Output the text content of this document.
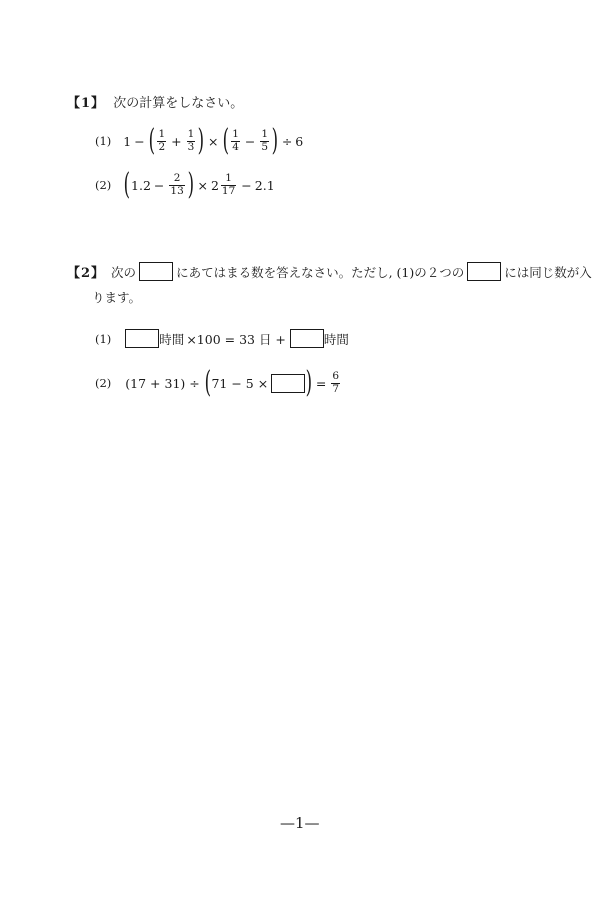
【1】 次の計算をしなさい。
(1) 1 − ( $\frac{1}{2} + \frac{1}{3}$ ) × ( $\frac{1}{4} - \frac{1}{5}$ ) ÷ 6
(2) ( $1.2 - \frac{2}{13}$ ) × $2 \frac{1}{17} - 2.1$
【2】 次の	にあてはまる数を答えなさい。ただし, (1)の２つの	には同じ数が入
ります。
(1)	時間 ×100 = 33 日 +	時間
(2) (17 + 31) ÷ ( 71 − 5 × ) = $\frac{6}{7}$
—1—
